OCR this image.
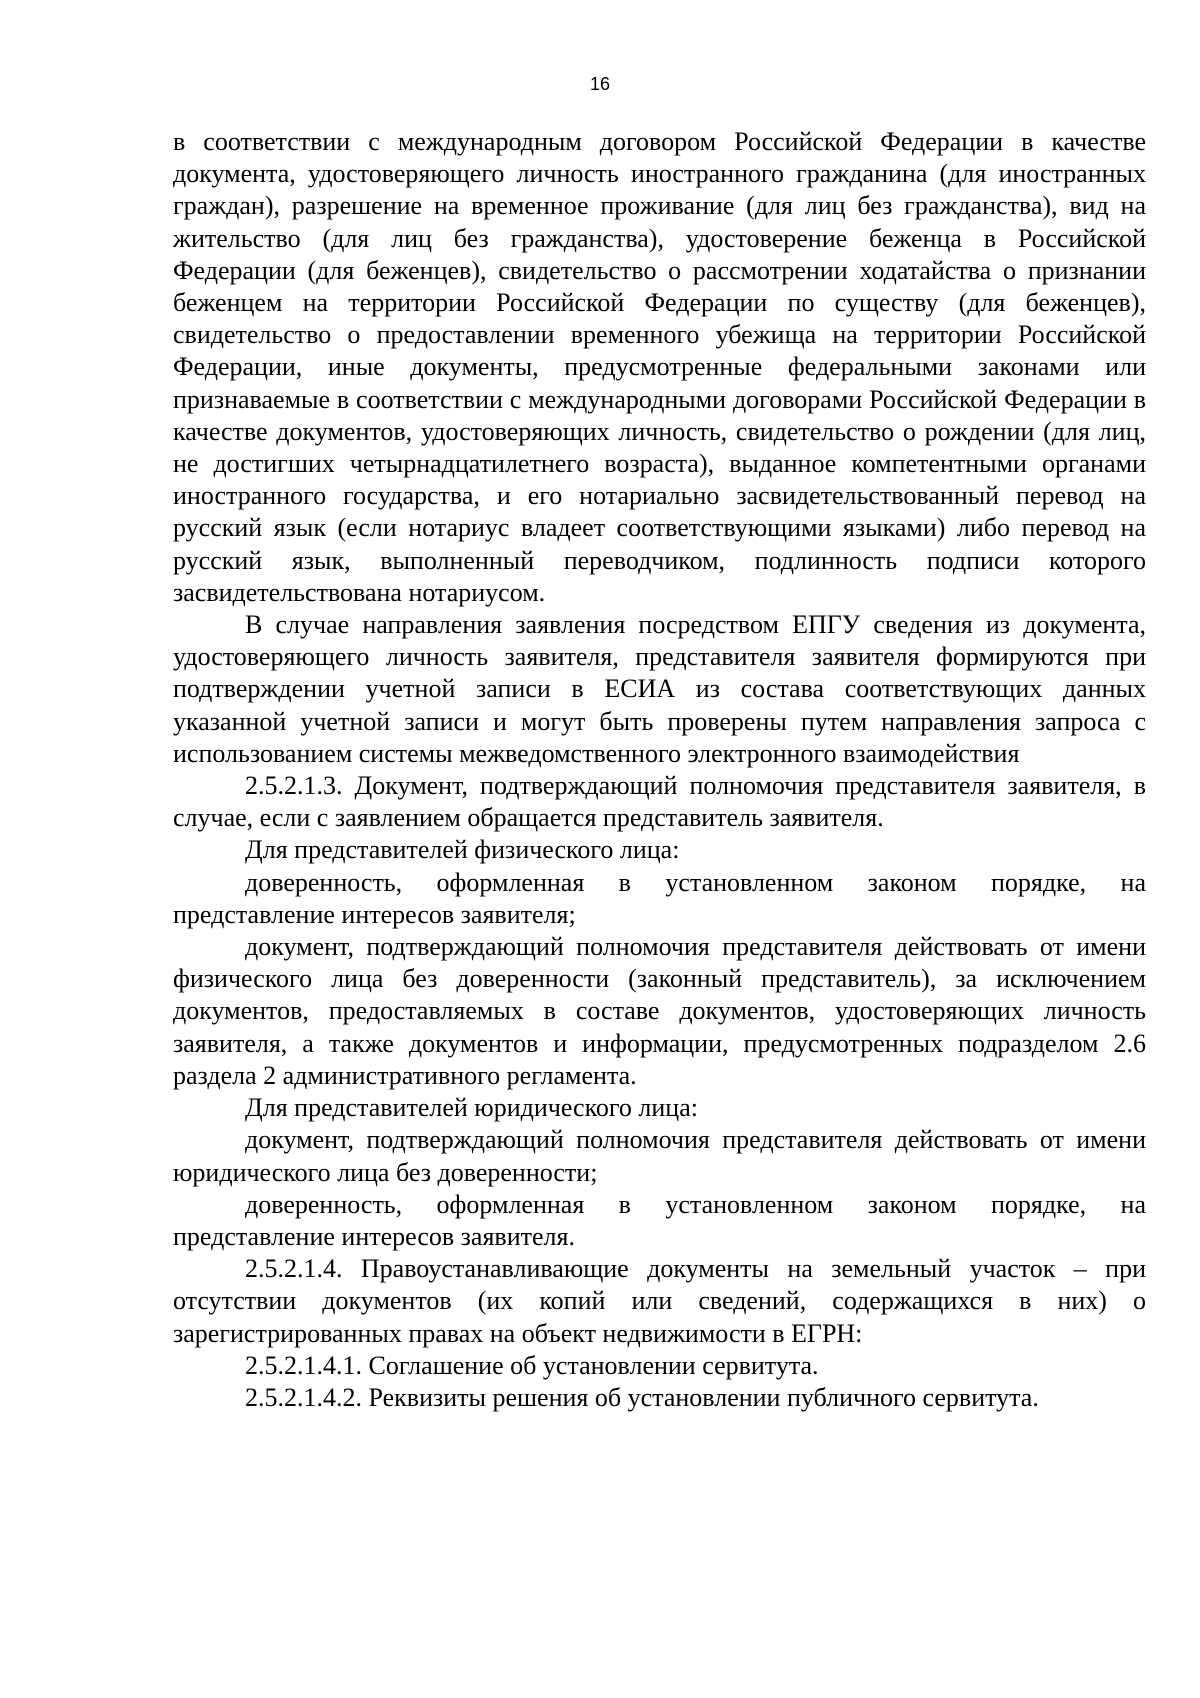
16

в соответствии с международным договором Российской Федерации в качестве документа, удостоверяющего личность иностранного гражданина (для иностранных граждан), разрешение на временное проживание (для лиц без гражданства), вид на жительство (для лиц без гражданства), удостоверение беженца в Российской Федерации (для беженцев), свидетельство о рассмотрении ходатайства о признании беженцем на территории Российской Федерации по существу (для беженцев), свидетельство о предоставлении временного убежища на территории Российской Федерации, иные документы, предусмотренные федеральными законами или признаваемые в соответствии с международными договорами Российской Федерации в качестве документов, удостоверяющих личность, свидетельство о рождении (для лиц, не достигших четырнадцатилетнего возраста), выданное компетентными органами иностранного государства, и его нотариально засвидетельствованный перевод на русский язык (если нотариус владеет соответствующими языками) либо перевод на русский язык, выполненный переводчиком, подлинность подписи которого засвидетельствована нотариусом.

В случае направления заявления посредством ЕПГУ сведения из документа, удостоверяющего личность заявителя, представителя заявителя формируются при подтверждении учетной записи в ЕСИА из состава соответствующих данных указанной учетной записи и могут быть проверены путем направления запроса с использованием системы межведомственного электронного взаимодействия

2.5.2.1.3. Документ, подтверждающий полномочия представителя заявителя, в случае, если с заявлением обращается представитель заявителя.

Для представителей физического лица:

доверенность, оформленная в установленном законом порядке, на представление интересов заявителя;

документ, подтверждающий полномочия представителя действовать от имени физического лица без доверенности (законный представитель), за исключением документов, предоставляемых в составе документов, удостоверяющих личность заявителя, а также документов и информации, предусмотренных подразделом 2.6 раздела 2 административного регламента.

Для представителей юридического лица:

документ, подтверждающий полномочия представителя действовать от имени юридического лица без доверенности;

доверенность, оформленная в установленном законом порядке, на представление интересов заявителя.

2.5.2.1.4. Правоустанавливающие документы на земельный участок – при отсутствии документов (их копий или сведений, содержащихся в них) о зарегистрированных правах на объект недвижимости в ЕГРН:

2.5.2.1.4.1. Соглашение об установлении сервитута.

2.5.2.1.4.2. Реквизиты решения об установлении публичного сервитута.
